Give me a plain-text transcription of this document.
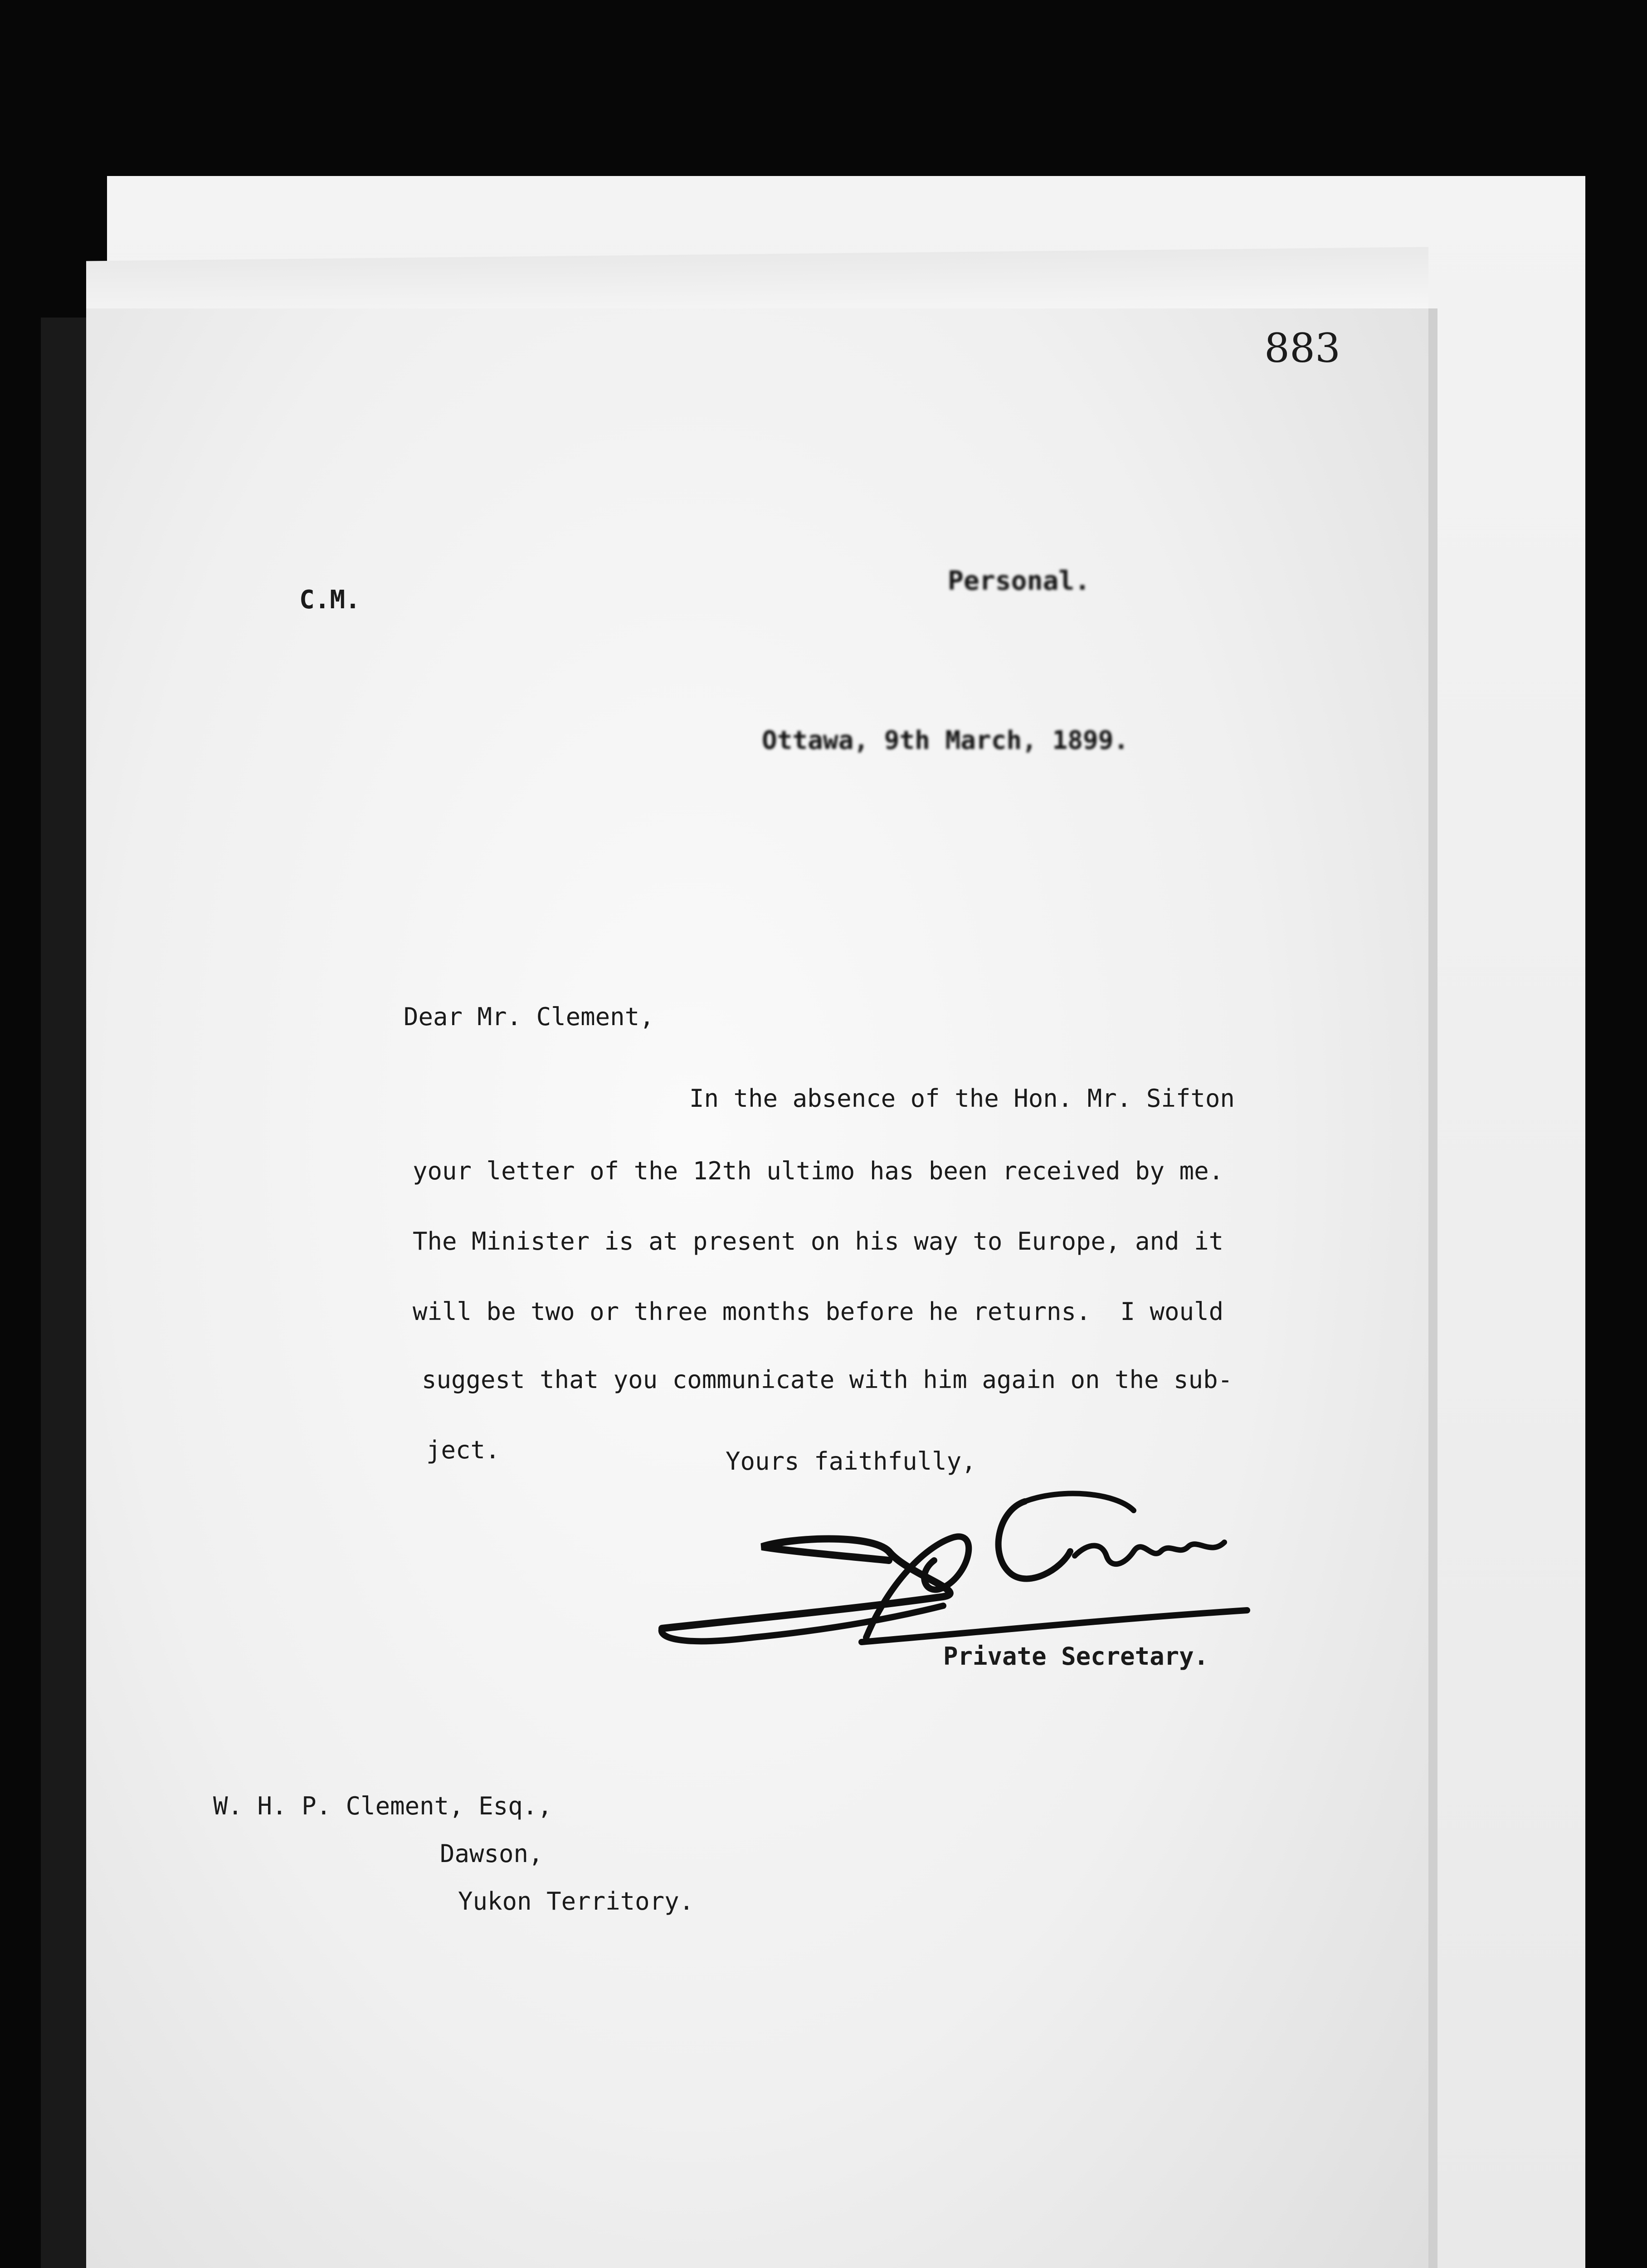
883
C.M.
Personal.
Ottawa, 9th March, 1899.
Dear Mr. Clement,
In the absence of the Hon. Mr. Sifton
your letter of the 12th ultimo has been received by me.
The Minister is at present on his way to Europe, and it
will be two or three months before he returns.  I would
suggest that you communicate with him again on the sub-
ject.	Yours faithfully,
Private Secretary.
W. H. P. Clement, Esq.,
Dawson,
Yukon Territory.
